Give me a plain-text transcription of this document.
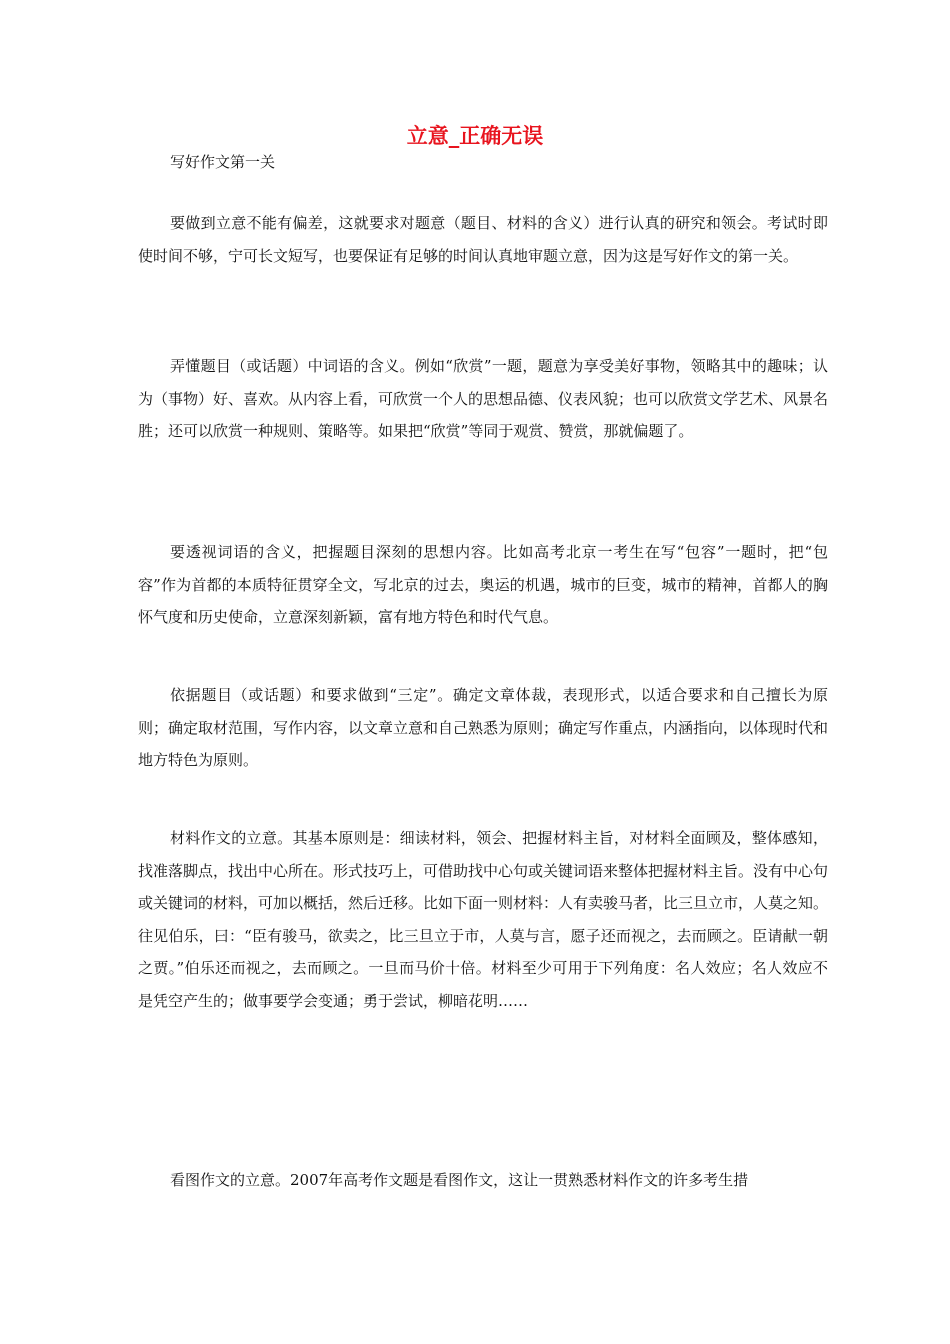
立意_正确无误

写好作文第一关

要做到立意不能有偏差，这就要求对题意（题目、材料的含义）进行认真的研究和领会。考试时即使时间不够，宁可长文短写，也要保证有足够的时间认真地审题立意，因为这是写好作文的第一关。

弄懂题目（或话题）中词语的含义。例如“欣赏”一题，题意为享受美好事物，领略其中的趣味；认为（事物）好、喜欢。从内容上看，可欣赏一个人的思想品德、仪表风貌；也可以欣赏文学艺术、风景名胜；还可以欣赏一种规则、策略等。如果把“欣赏”等同于观赏、赞赏，那就偏题了。

要透视词语的含义，把握题目深刻的思想内容。比如高考北京一考生在写“包容”一题时，把“包容”作为首都的本质特征贯穿全文，写北京的过去，奥运的机遇，城市的巨变，城市的精神，首都人的胸怀气度和历史使命，立意深刻新颖，富有地方特色和时代气息。

依据题目（或话题）和要求做到“三定”。确定文章体裁，表现形式，以适合要求和自己擅长为原则；确定取材范围，写作内容，以文章立意和自己熟悉为原则；确定写作重点，内涵指向，以体现时代和地方特色为原则。

材料作文的立意。其基本原则是：细读材料，领会、把握材料主旨，对材料全面顾及，整体感知，找准落脚点，找出中心所在。形式技巧上，可借助找中心句或关键词语来整体把握材料主旨。没有中心句或关键词的材料，可加以概括，然后迁移。比如下面一则材料：人有卖骏马者，比三旦立市，人莫之知。往见伯乐，曰：“臣有骏马，欲卖之，比三旦立于市，人莫与言，愿子还而视之，去而顾之。臣请献一朝之贾。”伯乐还而视之，去而顾之。一旦而马价十倍。材料至少可用于下列角度：名人效应；名人效应不是凭空产生的；做事要学会变通；勇于尝试，柳暗花明……

看图作文的立意。2007年高考作文题是看图作文，这让一贯熟悉材料作文的许多考生措
